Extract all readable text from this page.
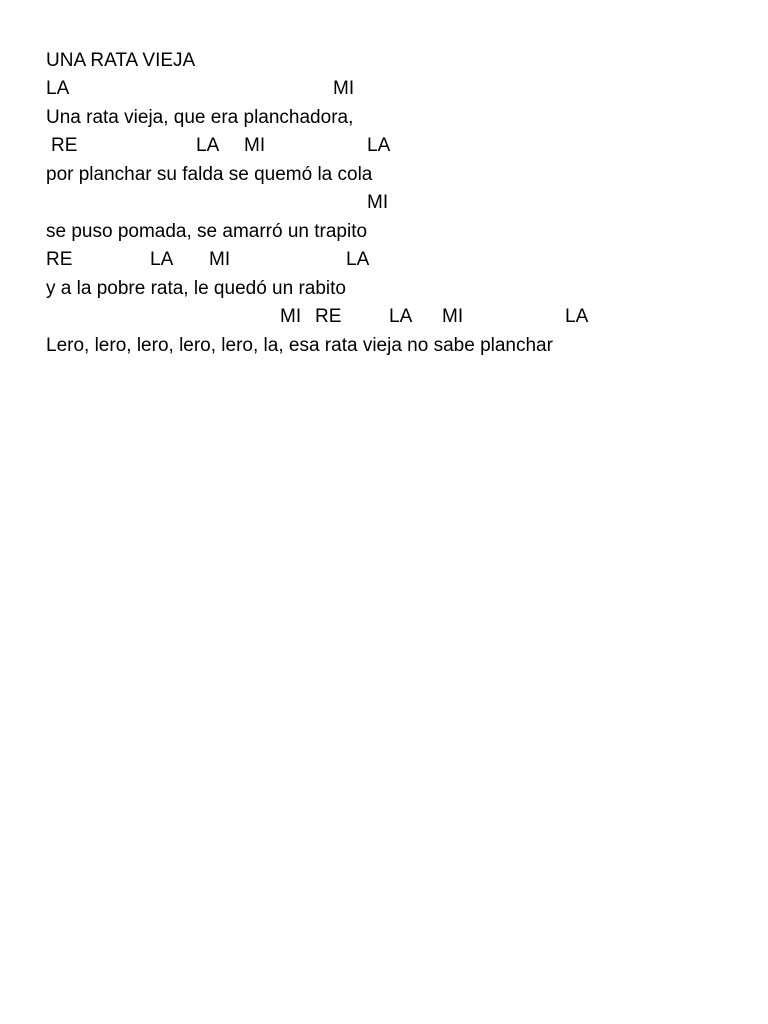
UNA RATA VIEJA
LA	MI
Una rata vieja, que era planchadora,
RE	LA MI	LA
por planchar su falda se quemó la cola
MI
se puso pomada, se amarró un trapito
RE	LA MI	LA
y a la pobre rata, le quedó un rabito
MI RE	LA MI	LA
Lero, lero, lero, lero, lero, la, esa rata vieja no sabe planchar
